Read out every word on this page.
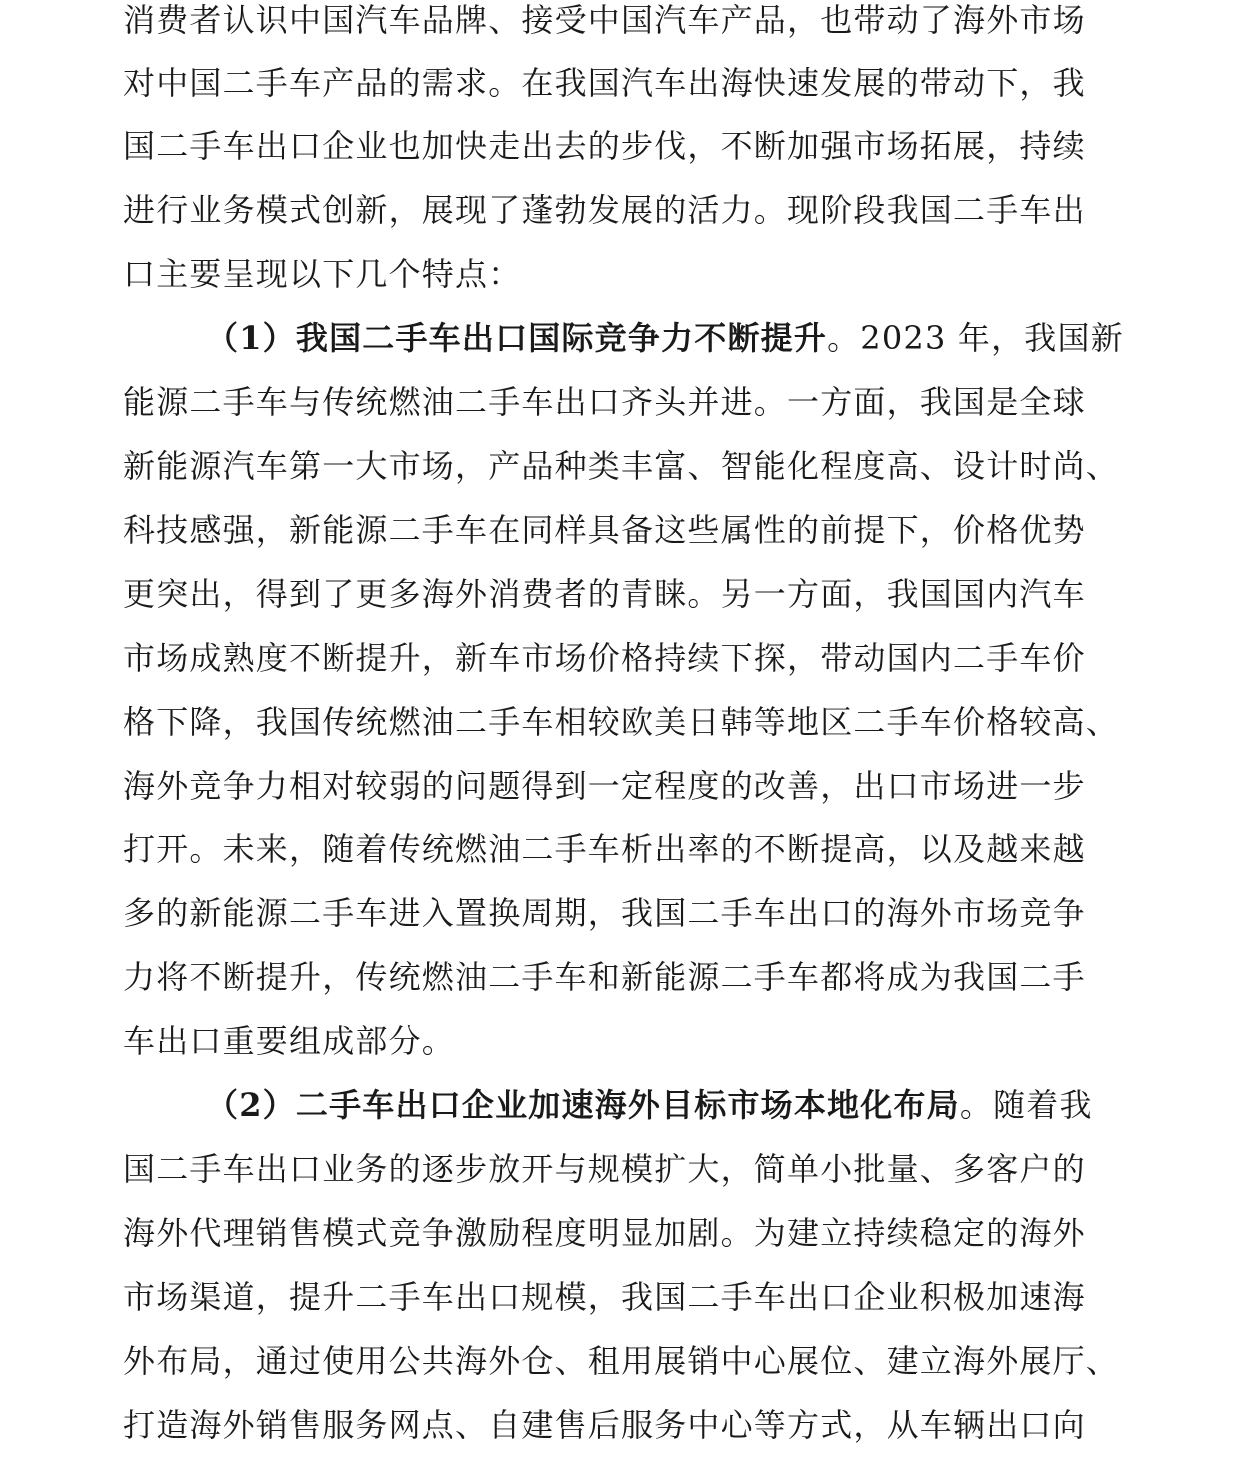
消费者认识中国汽车品牌、接受中国汽车产品，也带动了海外市场
对中国二手车产品的需求。在我国汽车出海快速发展的带动下，我
国二手车出口企业也加快走出去的步伐，不断加强市场拓展，持续
进行业务模式创新，展现了蓬勃发展的活力。现阶段我国二手车出
口主要呈现以下几个特点：
（1）我国二手车出口国际竞争力不断提升。2023 年，我国新
能源二手车与传统燃油二手车出口齐头并进。一方面，我国是全球
新能源汽车第一大市场，产品种类丰富、智能化程度高、设计时尚、
科技感强，新能源二手车在同样具备这些属性的前提下，价格优势
更突出，得到了更多海外消费者的青睐。另一方面，我国国内汽车
市场成熟度不断提升，新车市场价格持续下探，带动国内二手车价
格下降，我国传统燃油二手车相较欧美日韩等地区二手车价格较高、
海外竞争力相对较弱的问题得到一定程度的改善，出口市场进一步
打开。未来，随着传统燃油二手车析出率的不断提高，以及越来越
多的新能源二手车进入置换周期，我国二手车出口的海外市场竞争
力将不断提升，传统燃油二手车和新能源二手车都将成为我国二手
车出口重要组成部分。
（2）二手车出口企业加速海外目标市场本地化布局。随着我
国二手车出口业务的逐步放开与规模扩大，简单小批量、多客户的
海外代理销售模式竞争激励程度明显加剧。为建立持续稳定的海外
市场渠道，提升二手车出口规模，我国二手车出口企业积极加速海
外布局，通过使用公共海外仓、租用展销中心展位、建立海外展厅、
打造海外销售服务网点、自建售后服务中心等方式，从车辆出口向
